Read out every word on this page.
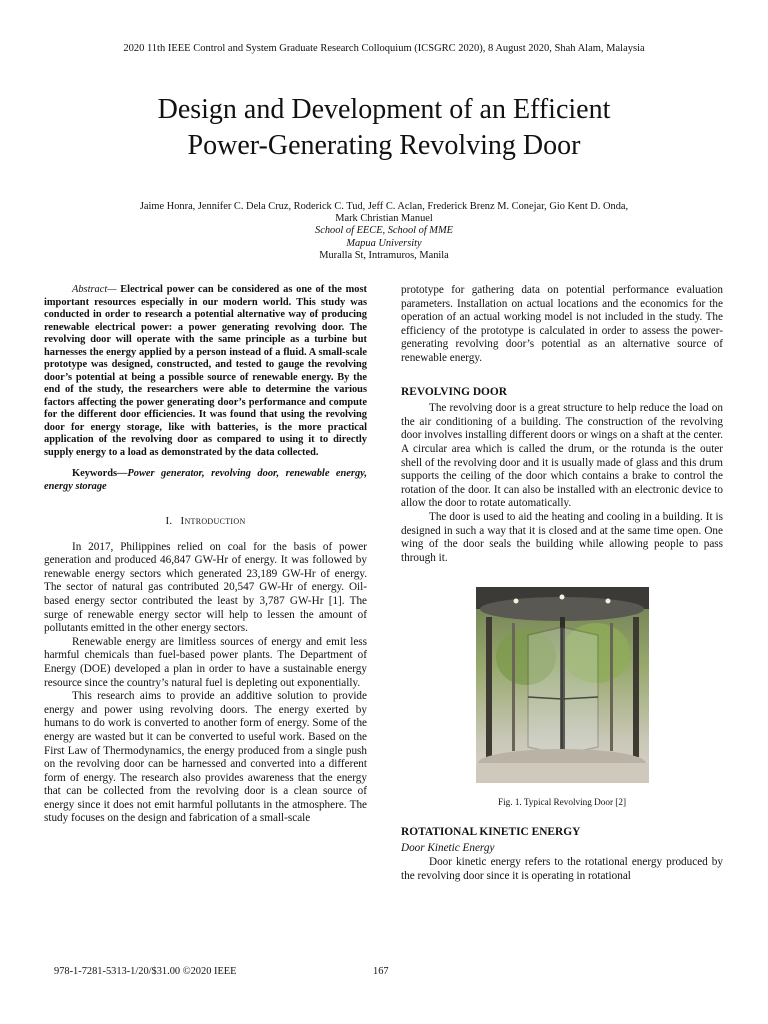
2020 11th IEEE Control and System Graduate Research Colloquium (ICSGRC 2020), 8 August 2020, Shah Alam, Malaysia
Design and Development of an Efficient
Power-Generating Revolving Door
Jaime Honra, Jennifer C. Dela Cruz, Roderick C. Tud, Jeff C. Aclan, Frederick Brenz M. Conejar, Gio Kent D. Onda,
Mark Christian Manuel
School of EECE, School of MME
Mapua University
Muralla St, Intramuros, Manila

Abstract— Electrical power can be considered as one of the most important resources especially in our modern world. This study was conducted in order to research a potential alternative way of producing renewable electrical power: a power generating revolving door. The revolving door will operate with the same principle as a turbine but harnesses the energy applied by a person instead of a fluid. A small-scale prototype was designed, constructed, and tested to gauge the revolving door’s potential at being a possible source of renewable energy. By the end of the study, the researchers were able to determine the various factors affecting the power generating door’s performance and compute for the different door efficiencies. It was found that using the revolving door for energy storage, like with batteries, is the more practical application of the revolving door as compared to using it to directly supply energy to a load as demonstrated by the data collected.

Keywords—Power generator, revolving door, renewable energy, energy storage

I. Introduction

In 2017, Philippines relied on coal for the basis of power generation and produced 46,847 GW-Hr of energy. It was followed by renewable energy sectors which generated 23,189 GW-Hr of energy. The sector of natural gas contributed 20,547 GW-Hr of energy. Oil-based energy sector contributed the least by 3,787 GW-Hr [1]. The surge of renewable energy sector will help to lessen the amount of pollutants emitted in the other energy sectors.

Renewable energy are limitless sources of energy and emit less harmful chemicals than fuel-based power plants. The Department of Energy (DOE) developed a plan in order to have a sustainable energy resource since the country’s natural fuel is depleting out exponentially.

This research aims to provide an additive solution to provide energy and power using revolving doors. The energy exerted by humans to do work is converted to another form of energy. Some of the energy are wasted but it can be converted to useful work. Based on the First Law of Thermodynamics, the energy produced from a single push on the revolving door can be harnessed and converted into a different form of energy. The research also provides awareness that the energy that can be collected from the revolving door is a clean source of energy since it does not emit harmful pollutants in the atmosphere. The study focuses on the design and fabrication of a small-scale

prototype for gathering data on potential performance evaluation parameters. Installation on actual locations and the economics for the operation of an actual working model is not included in the study. The efficiency of the prototype is calculated in order to assess the power-generating revolving door’s potential as an alternative source of renewable energy.

REVOLVING DOOR

The revolving door is a great structure to help reduce the load on the air conditioning of a building. The construction of the revolving door involves installing different doors or wings on a shaft at the center. A circular area which is called the drum, or the rotunda is the outer shell of the revolving door and it is usually made of glass and this drum supports the ceiling of the door which contains a brake to control the rotation of the door. It can also be installed with an electronic device to allow the door to rotate automatically.

The door is used to aid the heating and cooling in a building. It is designed in such a way that it is closed and at the same time open. One wing of the door seals the building while allowing people to pass through it.

Fig. 1. Typical Revolving Door [2]

ROTATIONAL KINETIC ENERGY

Door Kinetic Energy

Door kinetic energy refers to the rotational energy produced by the revolving door since it is operating in rotational

978-1-7281-5313-1/20/$31.00 ©2020 IEEE	167
